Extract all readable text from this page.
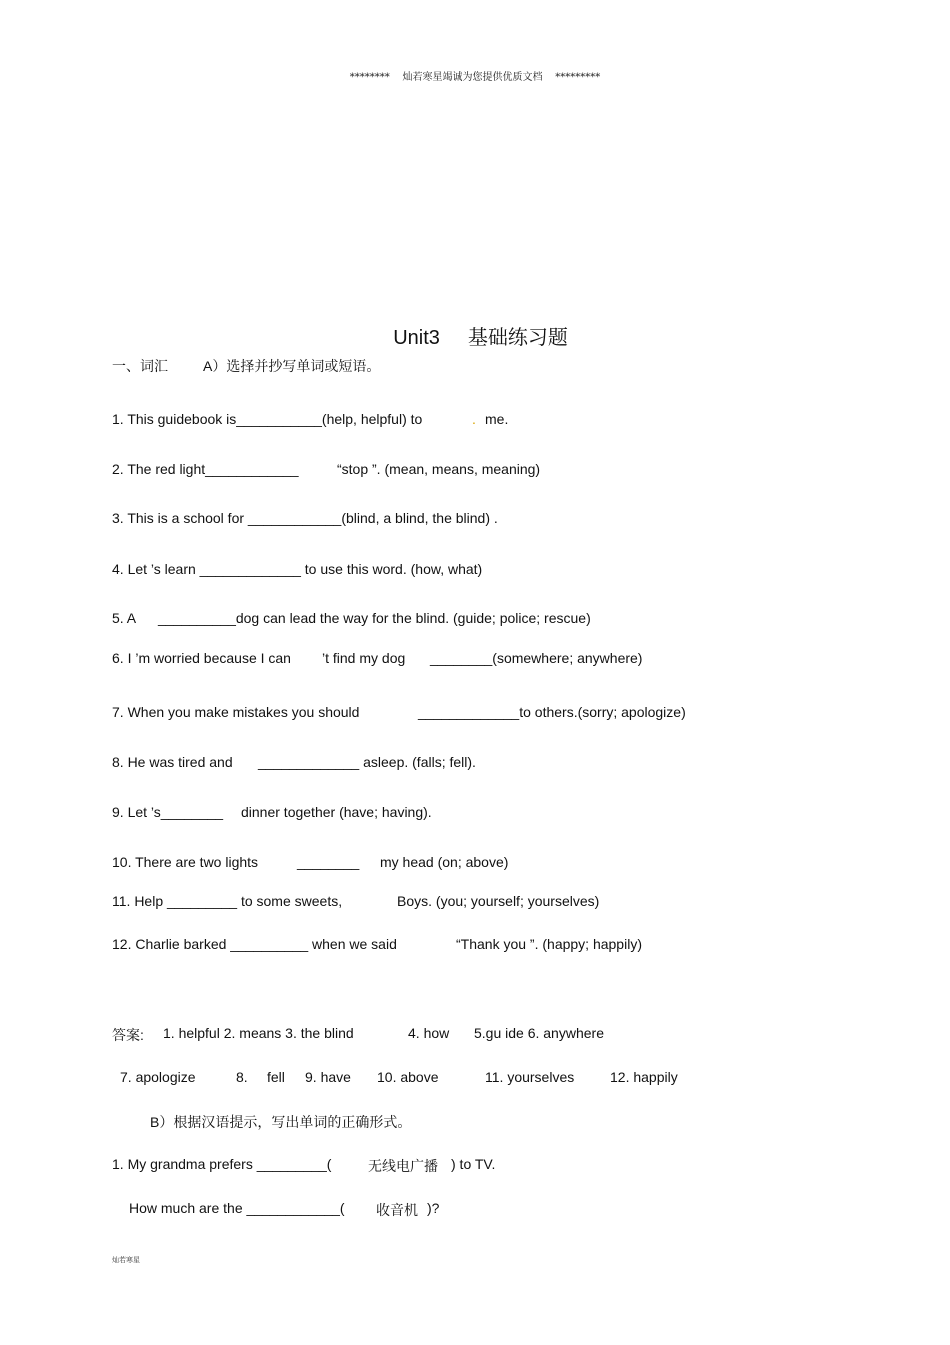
********    灿若寒星竭诚为您提供优质文档    *********

Unit3 基础练习题

一、词汇	A）选择并抄写单词或短语。
1. This guidebook is___________(help, helpful) to	. me.
2. The red light____________	“stop ”. (mean, means, meaning)
3. This is a school for ____________(blind, a blind, the blind) .
4. Let ’s learn _____________ to use this word. (how, what)
5. A __________dog can lead the way for the blind. (guide; police; rescue)
6. I ’m worried because I can ’t find my dog ________(somewhere; anywhere)
7. When you make mistakes you should	_____________to others.(sorry; apologize)
8. He was tired and _____________ asleep. (falls; fell).
9. Let ’s________ dinner together (have; having).
10. There are two lights	________ my head (on; above)
11. Help _________ to some sweets,	Boys. (you; yourself; yourselves)
12. Charlie barked __________ when we said	“Thank you ”. (happy; happily)
答案: 1. helpful 2. means 3. the blind	4. how 5.gu ide 6. anywhere
7. apologize	8. fell 9. have 10. above	11. yourselves	12. happily
B）根据汉语提示，写出单词的正确形式。
1. My grandma prefers _________(	无线电广播 ) to TV.
How much are the ____________( 收音机 )?
灿若寒星
